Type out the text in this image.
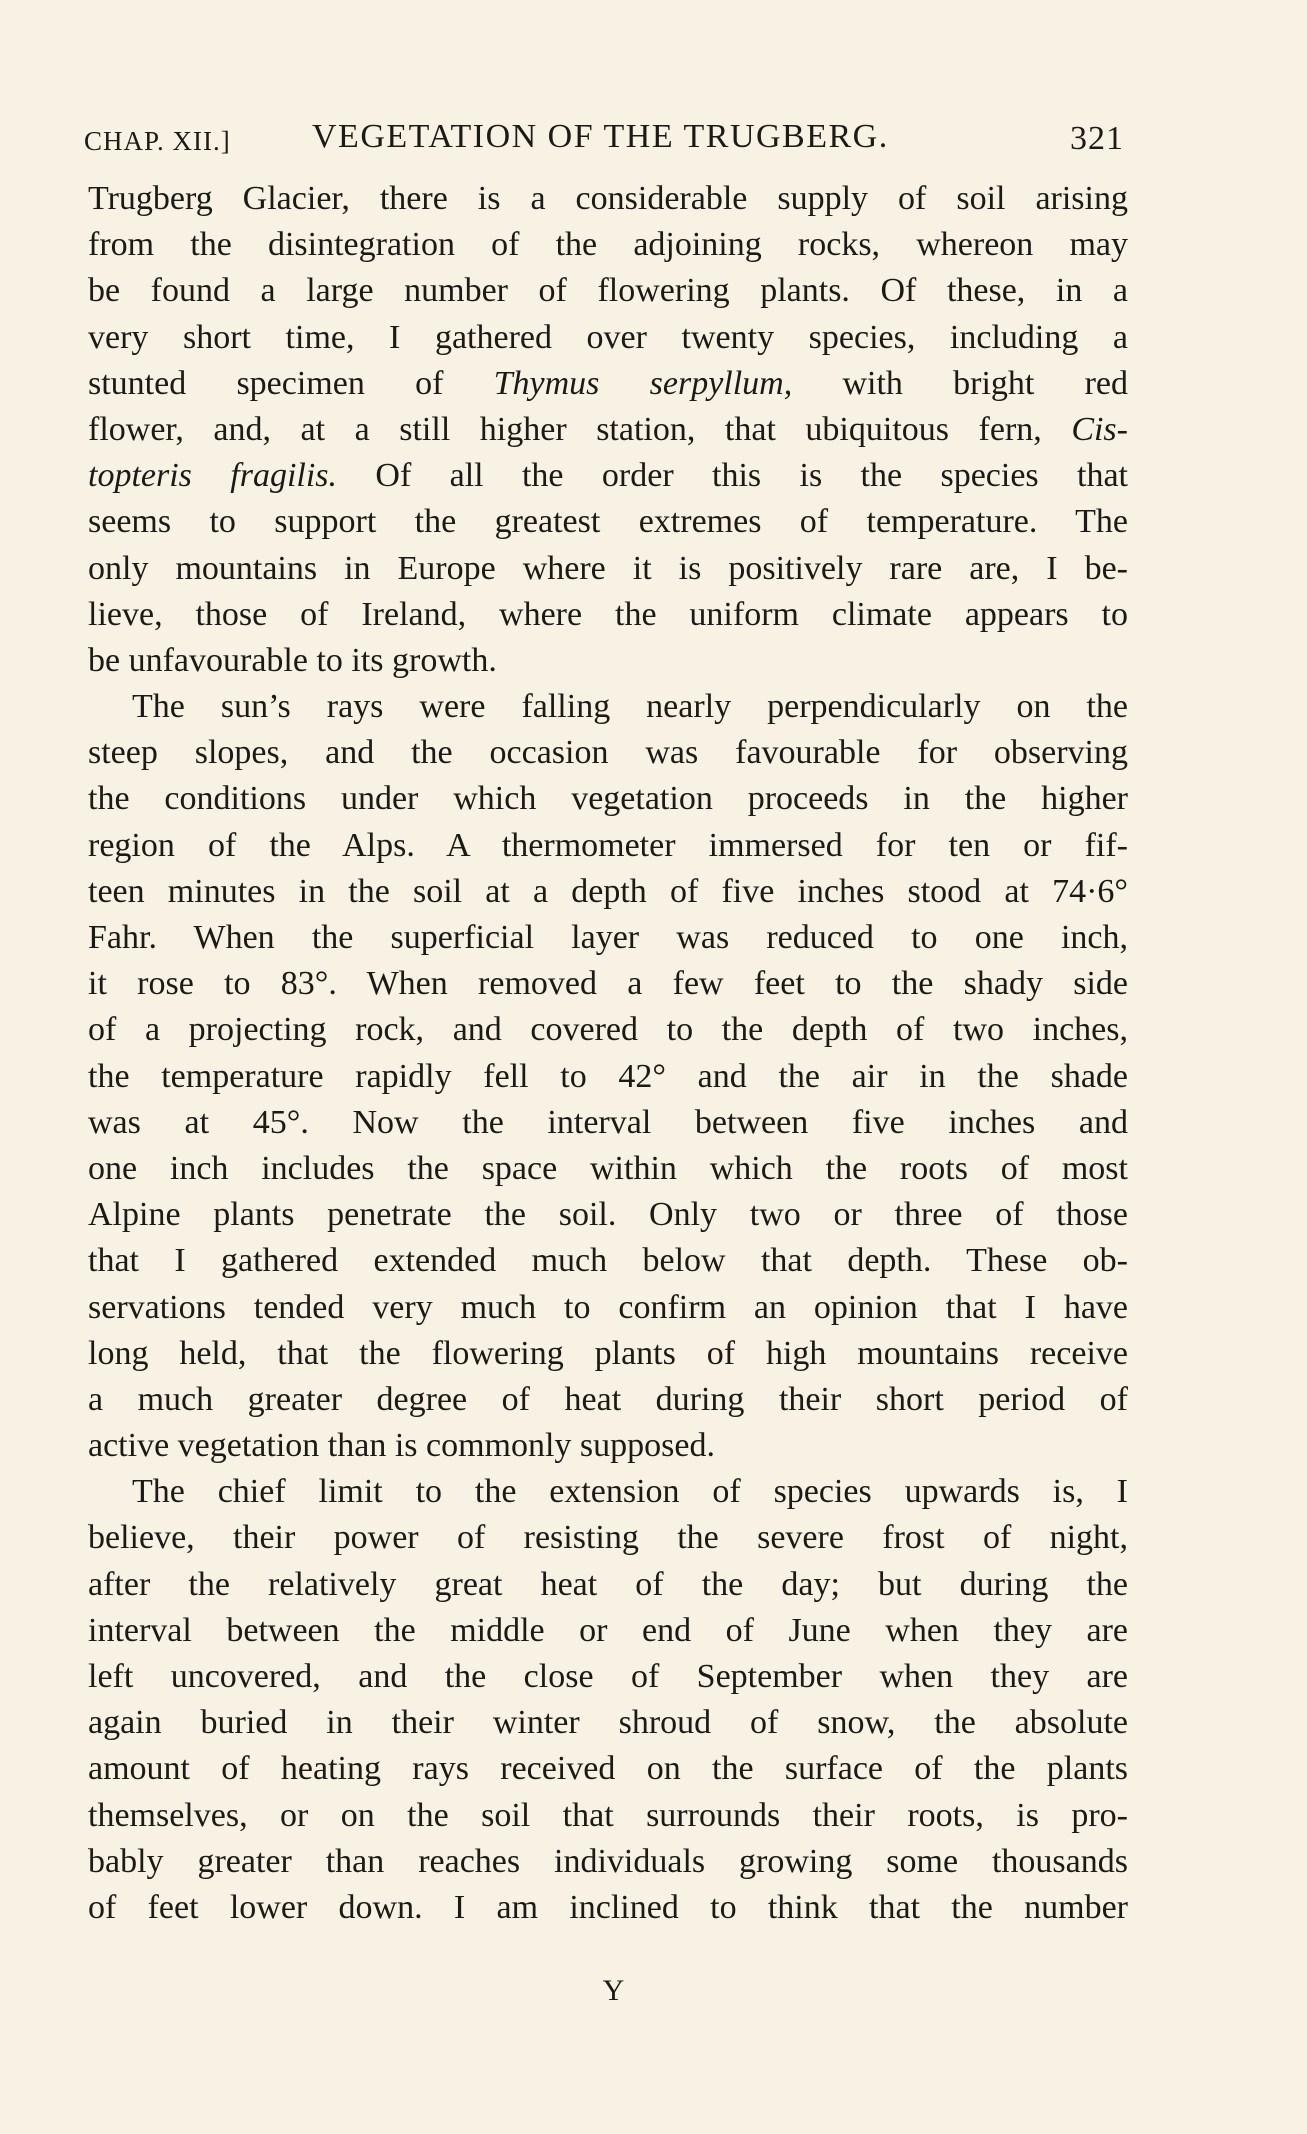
CHAP. XII.] VEGETATION OF THE TRUGBERG.	321
Trugberg Glacier, there is a considerable supply of soil arising
from the disintegration of the adjoining rocks, whereon may
be found a large number of flowering plants. Of these, in a
very short time, I gathered over twenty species, including a
stunted specimen of Thymus serpyllum, with bright red
flower, and, at a still higher station, that ubiquitous fern, Cis-
topteris fragilis. Of all the order this is the species that
seems to support the greatest extremes of temperature. The
only mountains in Europe where it is positively rare are, I be-
lieve, those of Ireland, where the uniform climate appears to
be unfavourable to its growth.
The sun’s rays were falling nearly perpendicularly on the
steep slopes, and the occasion was favourable for observing
the conditions under which vegetation proceeds in the higher
region of the Alps. A thermometer immersed for ten or fif-
teen minutes in the soil at a depth of five inches stood at 74·6°
Fahr. When the superficial layer was reduced to one inch,
it rose to 83°. When removed a few feet to the shady side
of a projecting rock, and covered to the depth of two inches,
the temperature rapidly fell to 42° and the air in the shade
was at 45°. Now the interval between five inches and
one inch includes the space within which the roots of most
Alpine plants penetrate the soil. Only two or three of those
that I gathered extended much below that depth. These ob-
servations tended very much to confirm an opinion that I have
long held, that the flowering plants of high mountains receive
a much greater degree of heat during their short period of
active vegetation than is commonly supposed.
The chief limit to the extension of species upwards is, I
believe, their power of resisting the severe frost of night,
after the relatively great heat of the day; but during the
interval between the middle or end of June when they are
left uncovered, and the close of September when they are
again buried in their winter shroud of snow, the absolute
amount of heating rays received on the surface of the plants
themselves, or on the soil that surrounds their roots, is pro-
bably greater than reaches individuals growing some thousands
of feet lower down. I am inclined to think that the number
Y
